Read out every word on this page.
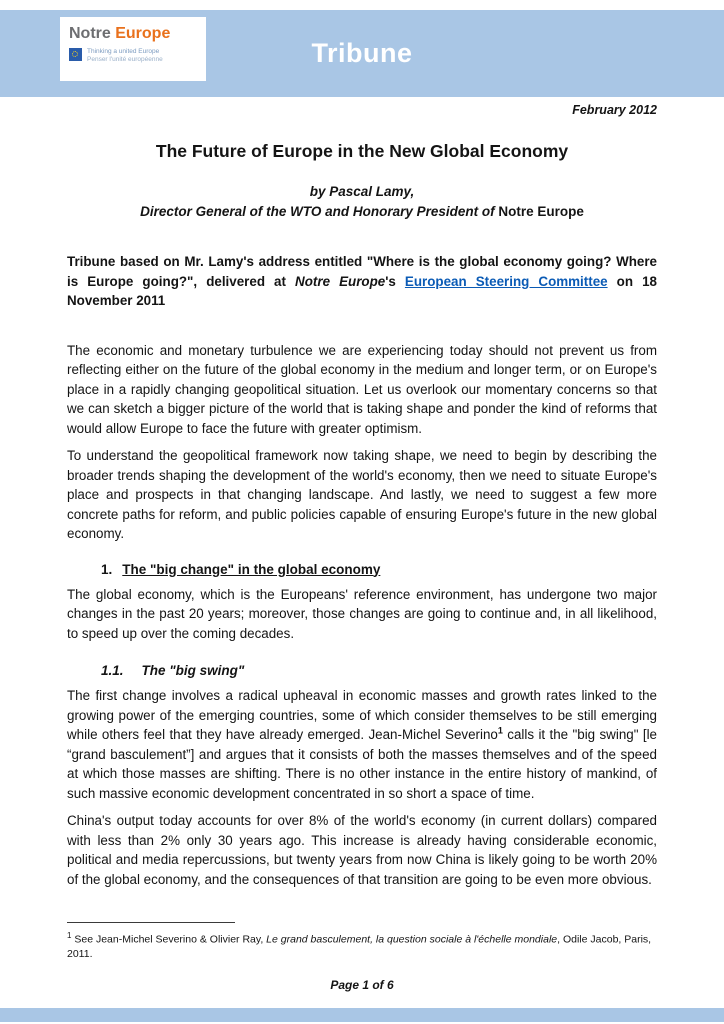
Tribune
Notre Europe
Thinking a united Europe
Penser l'unité européenne
February 2012
The Future of Europe in the New Global Economy
by Pascal Lamy,
Director General of the WTO and Honorary President of Notre Europe
Tribune based on Mr. Lamy's address entitled "Where is the global economy going? Where is Europe going?", delivered at Notre Europe's European Steering Committee on 18 November 2011

The economic and monetary turbulence we are experiencing today should not prevent us from reflecting either on the future of the global economy in the medium and longer term, or on Europe's place in a rapidly changing geopolitical situation. Let us overlook our momentary concerns so that we can sketch a bigger picture of the world that is taking shape and ponder the kind of reforms that would allow Europe to face the future with greater optimism.

To understand the geopolitical framework now taking shape, we need to begin by describing the broader trends shaping the development of the world's economy, then we need to situate Europe's place and prospects in that changing landscape. And lastly, we need to suggest a few more concrete paths for reform, and public policies capable of ensuring Europe's future in the new global economy.

1. The "big change" in the global economy

The global economy, which is the Europeans' reference environment, has undergone two major changes in the past 20 years; moreover, those changes are going to continue and, in all likelihood, to speed up over the coming decades.

1.1. The "big swing"

The first change involves a radical upheaval in economic masses and growth rates linked to the growing power of the emerging countries, some of which consider themselves to be still emerging while others feel that they have already emerged. Jean-Michel Severino$^1$ calls it the "big swing" [le “grand basculement”] and argues that it consists of both the masses themselves and of the speed at which those masses are shifting. There is no other instance in the entire history of mankind, of such massive economic development concentrated in so short a space of time.

China's output today accounts for over 8% of the world's economy (in current dollars) compared with less than 2% only 30 years ago. This increase is already having considerable economic, political and media repercussions, but twenty years from now China is likely going to be worth 20% of the global economy, and the consequences of that transition are going to be even more obvious.

$^1$ See Jean-Michel Severino & Olivier Ray, Le grand basculement, la question sociale à l'échelle mondiale, Odile Jacob, Paris, 2011.
Page 1 of 6
